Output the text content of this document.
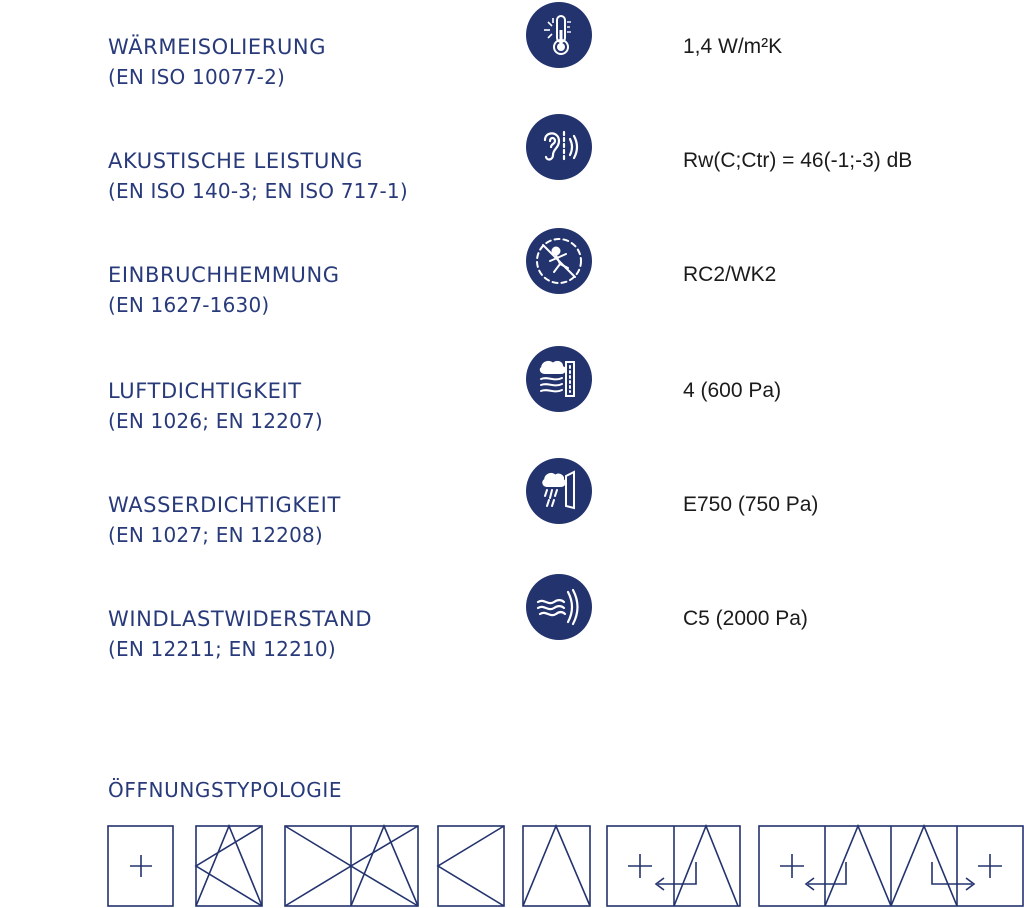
WÄRMEISOLIERUNG
(EN ISO 10077-2)
1,4 W/m²K
AKUSTISCHE LEISTUNG
(EN ISO 140-3; EN ISO 717-1)
Rw(C;Ctr) = 46(-1;-3) dB
EINBRUCHHEMMUNG
(EN 1627-1630)
RC2/WK2
LUFTDICHTIGKEIT
(EN 1026; EN 12207)
4 (600 Pa)
WASSERDICHTIGKEIT
(EN 1027; EN 12208)
E750 (750 Pa)
WINDLASTWIDERSTAND
(EN 12211; EN 12210)
C5 (2000 Pa)
ÖFFNUNGSTYPOLOGIE
